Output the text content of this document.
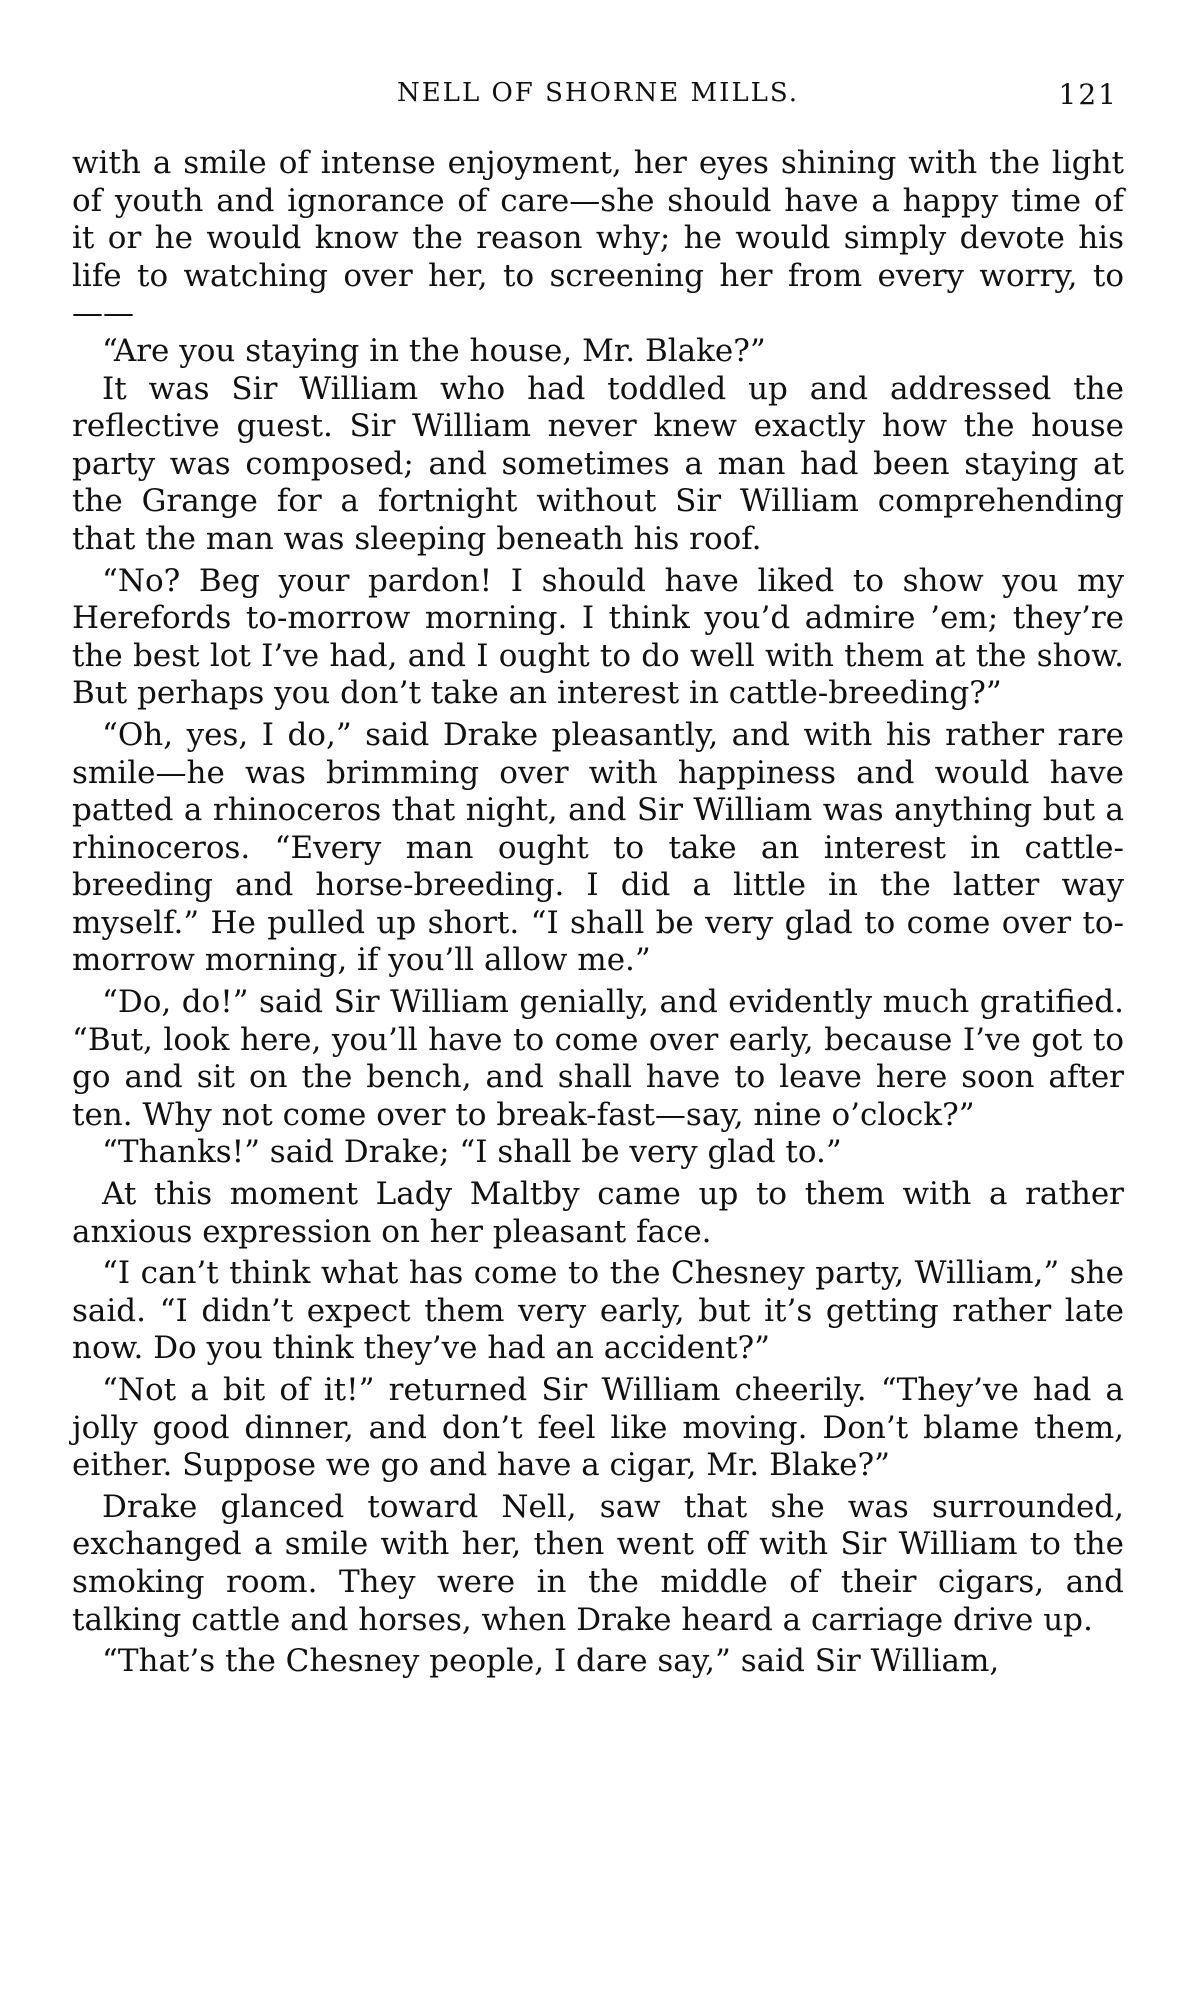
NELL OF SHORNE MILLS.	121

with a smile of intense enjoyment, her eyes shining with the light of youth and ignorance of care—she should have a happy time of it or he would know the reason why; he would simply devote his life to watching over her, to screening her from every worry, to——

“Are you staying in the house, Mr. Blake?”

It was Sir William who had toddled up and addressed the reflective guest. Sir William never knew exactly how the house party was composed; and sometimes a man had been staying at the Grange for a fortnight without Sir William comprehending that the man was sleeping beneath his roof.

“No? Beg your pardon! I should have liked to show you my Herefords to-morrow morning. I think you’d admire ’em; they’re the best lot I’ve had, and I ought to do well with them at the show. But perhaps you don’t take an interest in cattle-breeding?”

“Oh, yes, I do,” said Drake pleasantly, and with his rather rare smile—he was brimming over with happiness and would have patted a rhinoceros that night, and Sir William was anything but a rhinoceros. “Every man ought to take an interest in cattle-breeding and horse-breeding. I did a little in the latter way myself.” He pulled up short. “I shall be very glad to come over to-morrow morning, if you’ll allow me.”

“Do, do!” said Sir William genially, and evidently much gratified. “But, look here, you’ll have to come over early, because I’ve got to go and sit on the bench, and shall have to leave here soon after ten. Why not come over to break-fast—say, nine o’clock?”

“Thanks!” said Drake; “I shall be very glad to.”

At this moment Lady Maltby came up to them with a rather anxious expression on her pleasant face.

“I can’t think what has come to the Chesney party, William,” she said. “I didn’t expect them very early, but it’s getting rather late now. Do you think they’ve had an accident?”

“Not a bit of it!” returned Sir William cheerily. “They’ve had a jolly good dinner, and don’t feel like moving. Don’t blame them, either. Suppose we go and have a cigar, Mr. Blake?”

Drake glanced toward Nell, saw that she was surrounded, exchanged a smile with her, then went off with Sir William to the smoking room. They were in the middle of their cigars, and talking cattle and horses, when Drake heard a carriage drive up.

“That’s the Chesney people, I dare say,” said Sir William,
